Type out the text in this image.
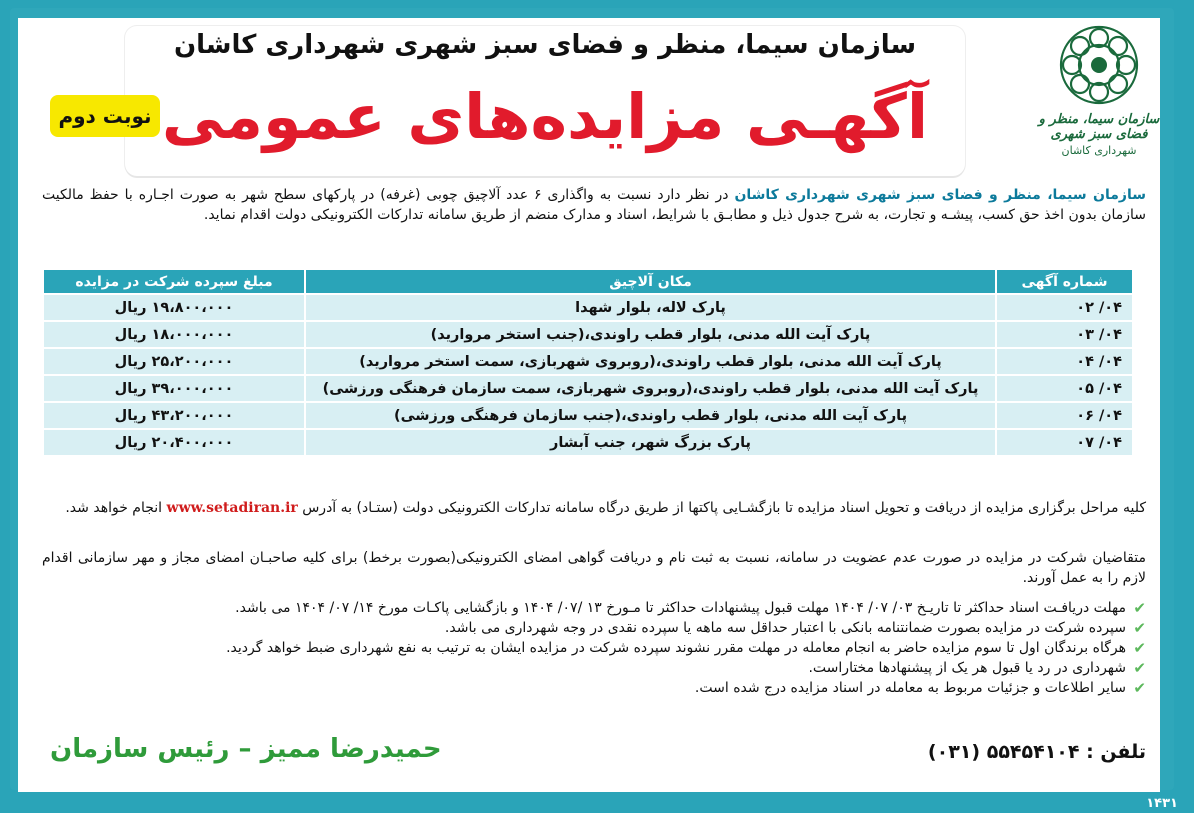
سازمان سیما، منظر و فضای سبز شهری شهرداری کاشان
آگهـی مزایده‌های عمومی
نوبت دوم	سازمان سیما، منظر و فضای سبز شهری
شهرداری کاشان
سازمان سیما، منظر و فضای سبز شهری شهرداری کاشان در نظر دارد نسبت به واگذاری ۶ عدد آلاچیق چوبی (غرفه) در پارکهای سطح شهر به صورت اجـاره با حفظ مالکیت سازمان بدون اخذ حق کسب، پیشـه و تجارت، به شرح جدول ذیل و مطابـق با شرایط، اسناد و مدارک منضم از طریق سامانه تدارکات الکترونیکی دولت اقدام نماید.
شماره آگهی	مکان آلاچیق	مبلغ سپرده شرکت در مزایده
۰۴/ ۰۲	پارک لاله، بلوار شهدا	۱۹،۸۰۰،۰۰۰ ریال
۰۴/ ۰۳	پارک آیت الله مدنی، بلوار قطب راوندی،(جنب استخر مروارید)	۱۸،۰۰۰،۰۰۰ ریال
۰۴/ ۰۴	پارک آیت الله مدنی، بلوار قطب راوندی،(روبروی شهربازی، سمت استخر مروارید)	۲۵،۲۰۰،۰۰۰ ریال
۰۴/ ۰۵	پارک آیت الله مدنی، بلوار قطب راوندی،(روبروی شهربازی، سمت سازمان فرهنگی ورزشی)	۳۹،۰۰۰،۰۰۰ ریال
۰۴/ ۰۶	پارک آیت الله مدنی، بلوار قطب راوندی،(جنب سازمان فرهنگی ورزشی)	۴۳،۲۰۰،۰۰۰ ریال
۰۴/ ۰۷	پارک بزرگ شهر، جنب آبشار	۲۰،۴۰۰،۰۰۰ ریال
کلیه مراحل برگزاری مزایده از دریافت و تحویل اسناد مزایده تا بازگشـایی پاکتها از طریق درگاه سامانه تدارکات الکترونیکی دولت (ستـاد) به آدرس www.setadiran.ir انجام خواهد شد.
متقاضیان شرکت در مزایده در صورت عدم عضویت در سامانه، نسبت به ثبت نام و دریافت گواهی امضای الکترونیکی(بصورت برخط) برای کلیه صاحبـان امضای مجاز و مهر سازمانی اقدام لازم را به عمل آورند.
✔
مهلت دریافـت اسناد حداکثر تا تاریـخ ۰۳/ ۰۷/ ۱۴۰۴ مهلت قبول پیشنهادات حداکثر تا مـورخ ۱۳ /۰۷/ ۱۴۰۴ و بازگشایی پاکـات مورخ ۱۴/ ۰۷/ ۱۴۰۴ می باشد.
✔
سپرده شرکت در مزایده بصورت ضمانتنامه بانکی با اعتبار حداقل سه ماهه یا سپرده نقدی در وجه شهرداری می باشد.
✔
هرگاه برندگان اول تا سوم مزایده حاضر به انجام معامله در مهلت مقرر نشوند سپرده شرکت در مزایده ایشان به ترتیب به نفع شهرداری ضبط خواهد گردید.
✔
شهرداری در رد یا قبول هر یک از پیشنهادها مختاراست.
✔
سایر اطلاعات و جزئیات مربوط به معامله در اسناد مزایده درج شده است.
تلفن : ۵۵۴۵۴۱۰۴ (۰۳۱)
حمیدرضا ممیز – رئیس سازمان
۱۴۳۱
